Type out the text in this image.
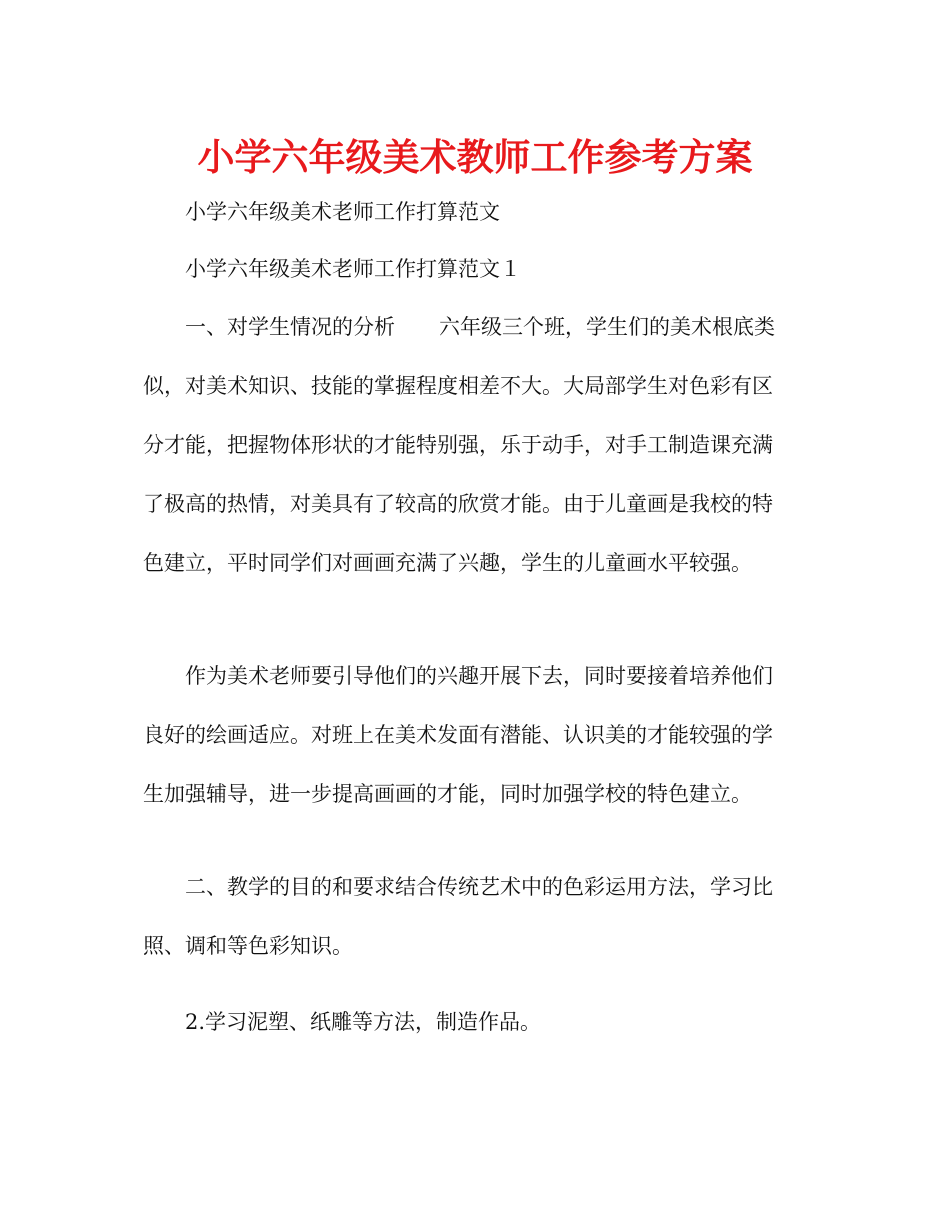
小学六年级美术教师工作参考方案

小学六年级美术老师工作打算范文

小学六年级美术老师工作打算范文１

一、对学生情况的分析 六年级三个班，学生们的美术根底类
似，对美术知识、技能的掌握程度相差不大。大局部学生对色彩有区
分才能，把握物体形状的才能特别强，乐于动手，对手工制造课充满
了极高的热情，对美具有了较高的欣赏才能。由于儿童画是我校的特
色建立，平时同学们对画画充满了兴趣，学生的儿童画水平较强。
作为美术老师要引导他们的兴趣开展下去，同时要接着培养他们
良好的绘画适应。对班上在美术发面有潜能、认识美的才能较强的学
生加强辅导，进一步提高画画的才能，同时加强学校的特色建立。
二、教学的目的和要求结合传统艺术中的色彩运用方法，学习比
照、调和等色彩知识。

2.学习泥塑、纸雕等方法，制造作品。
